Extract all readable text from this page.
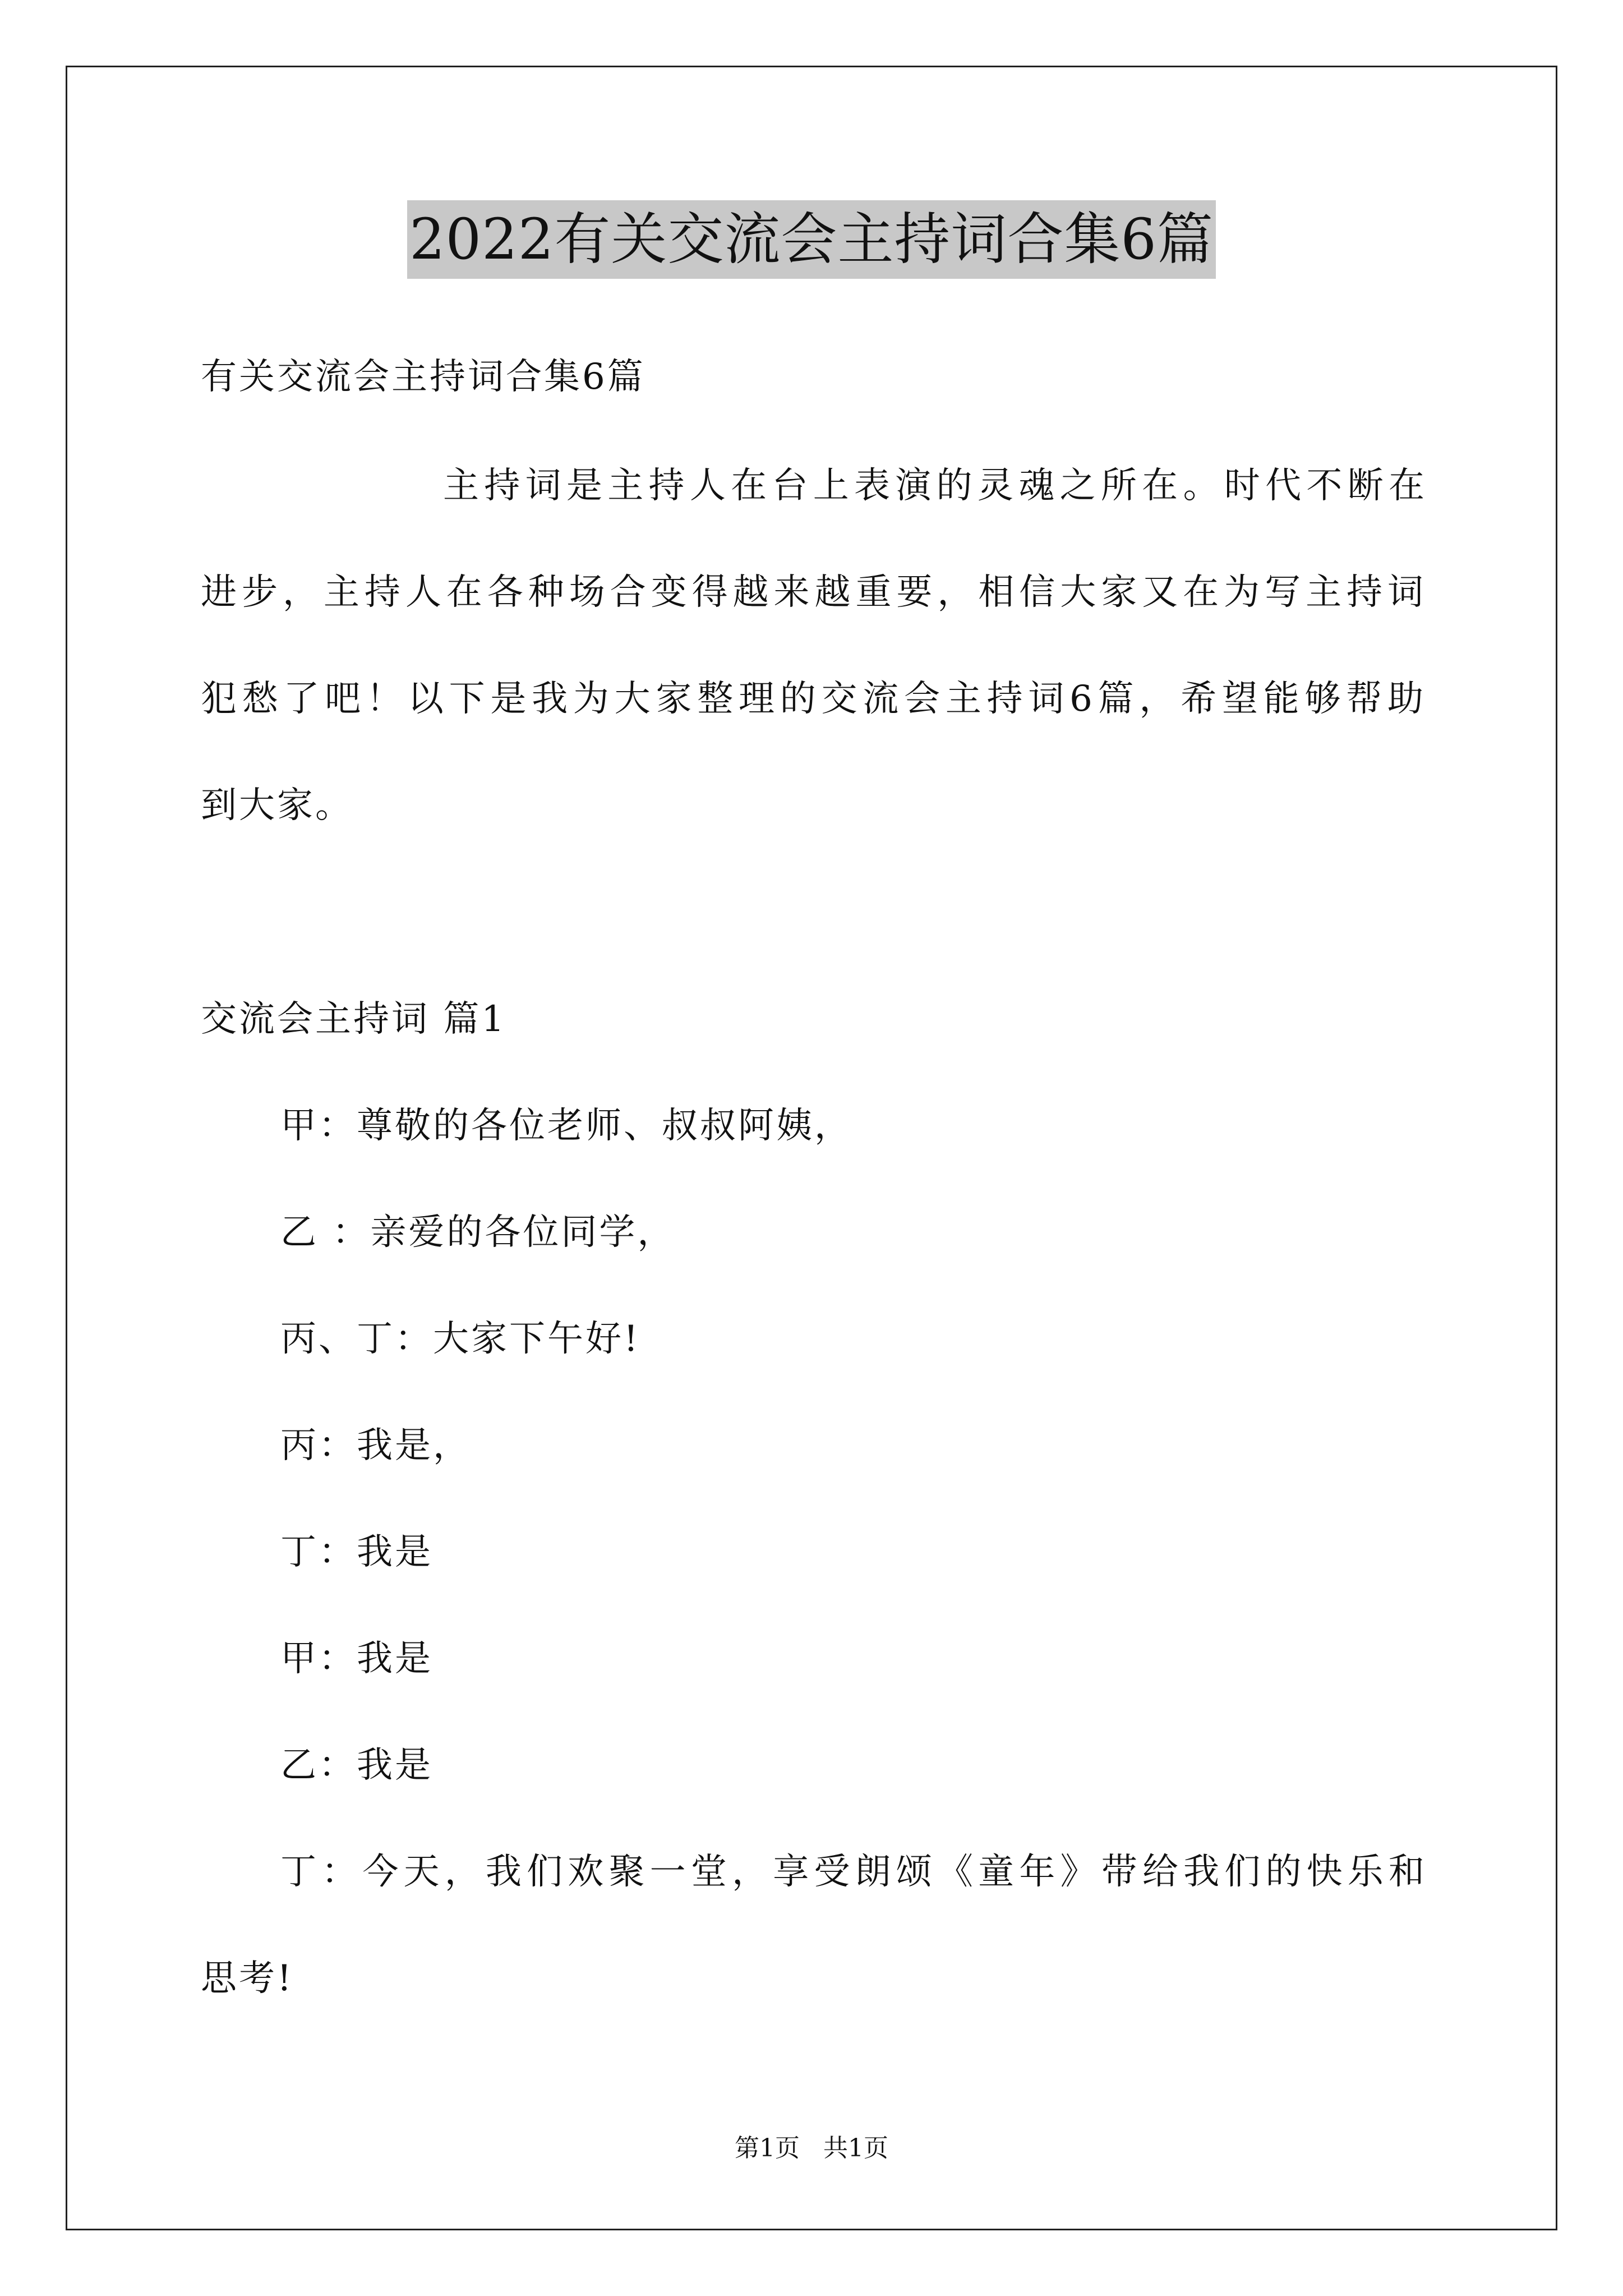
2022有关交流会主持词合集6篇
有关交流会主持词合集6篇
主持词是主持人在台上表演的灵魂之所在。时代不断在
进步，主持人在各种场合变得越来越重要，相信大家又在为写主持词
犯愁了吧！以下是我为大家整理的交流会主持词6篇，希望能够帮助
到大家。
交流会主持词 篇1
甲：尊敬的各位老师、叔叔阿姨，
乙 ：亲爱的各位同学，
丙、丁：大家下午好!
丙：我是，
丁：我是
甲：我是
乙：我是
丁：今天，我们欢聚一堂，享受朗颂《童年》带给我们的快乐和
思考!
第1页 共1页
